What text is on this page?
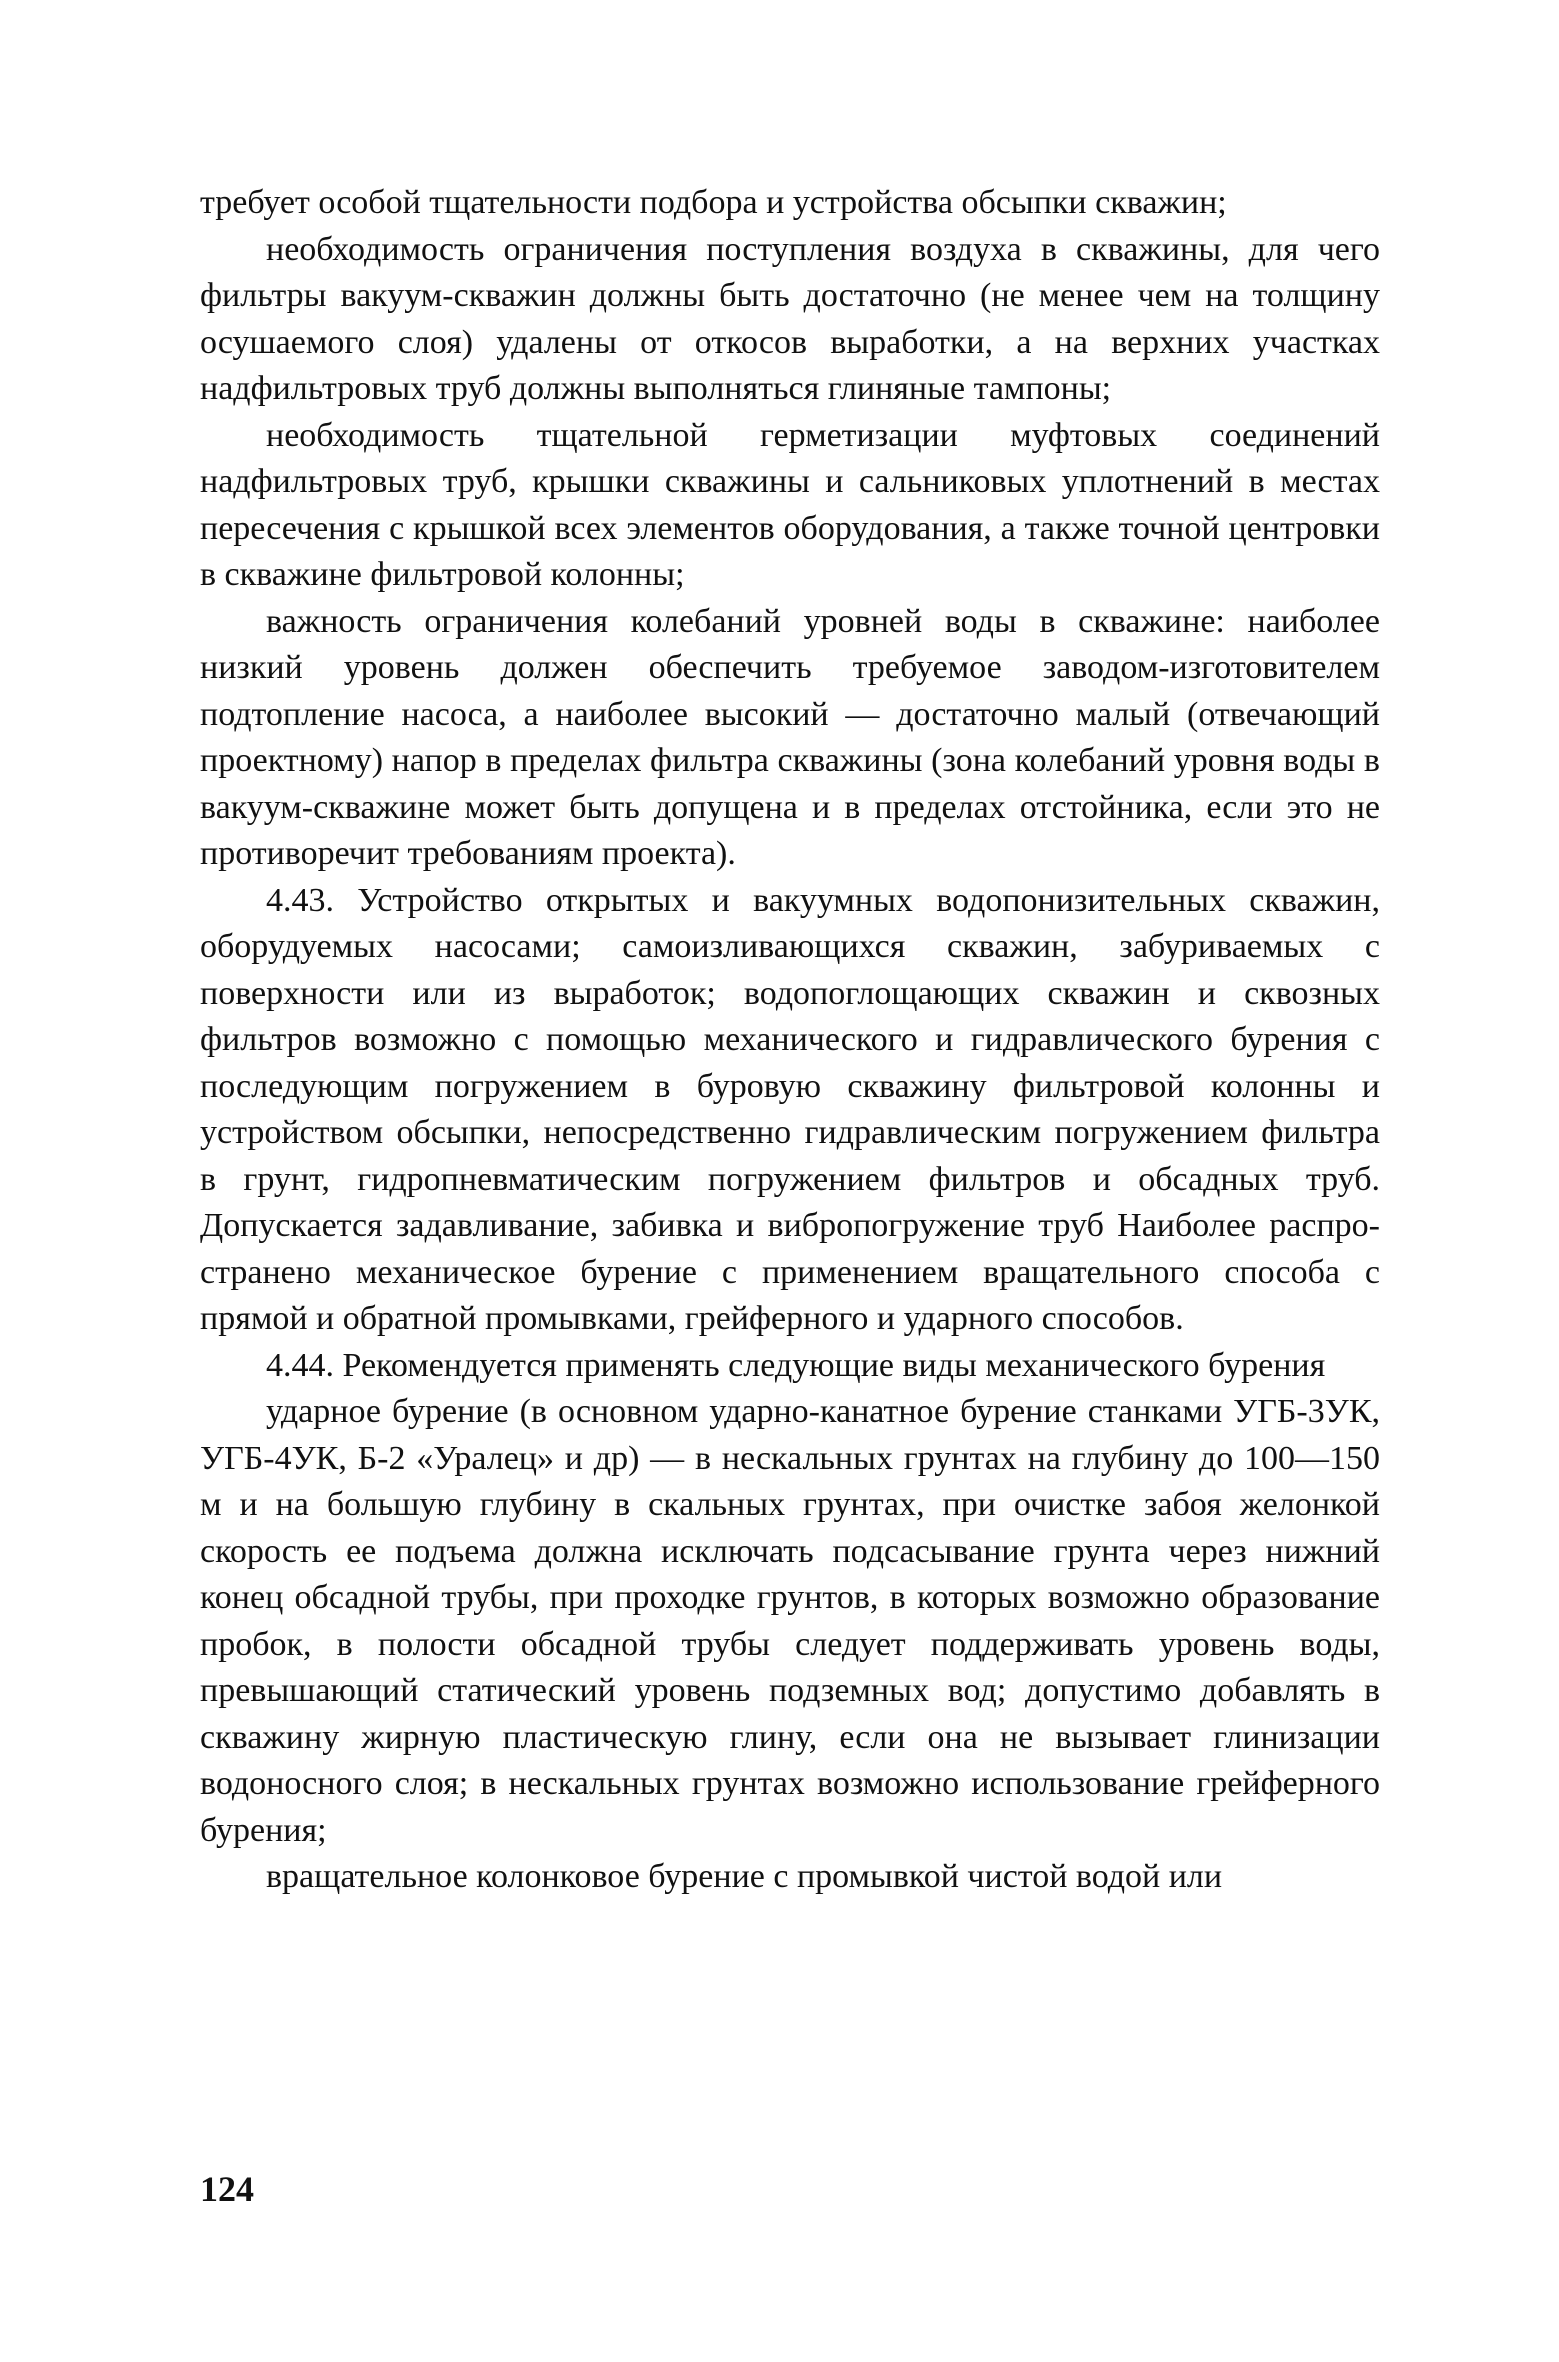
требует особой тщательности подбора и устройства обсыпки скважин;

необходимость ограничения поступления воздуха в скважины, для чего фильтры вакуум-скважин должны быть достаточно (не менее чем на толщину осушаемого слоя) удалены от откосов выработки, а на верхних участках надфильтровых труб должны выполняться глиняные тампоны;

необходимость тщательной герметизации муфтовых соединений надфильтровых труб, крышки скважины и сальниковых уплотнений в местах пересечения с крышкой всех элементов оборудования, а также точной центровки в скважине фильтровой колонны;

важность ограничения колебаний уровней воды в скважине: наиболее низкий уровень должен обеспечить требуемое заводом-изготовителем подтопление насоса, а наиболее высокий — достаточно малый (отвечающий проектному) напор в пределах фильтра скважины (зона колебаний уровня воды в вакуум-скважине может быть допущена и в пределах отстойника, если это не противоречит требованиям проекта).

4.43. Устройство открытых и вакуумных водопонизительных скважин, оборудуемых насосами; самоизливающихся скважин, забуриваемых с поверхности или из выработок; водопоглощающих скважин и сквозных фильтров возможно с помощью механического и гидравлического бурения с последующим погружением в буровую скважину фильтровой колонны и устройством обсыпки, непосредственно гидравлическим погружением фильтра в грунт, гидропневматическим погружением фильтров и обсадных труб. Допускается задавливание, забивка и вибропогружение труб Наиболее распространено механическое бурение с применением вращательного способа с прямой и обратной промывками, грейферного и ударного способов.

4.44. Рекомендуется применять следующие виды механического бурения

ударное бурение (в основном ударно-канатное бурение станками УГБ-3УК, УГБ-4УК, Б-2 «Уралец» и др) — в нескальных грунтах на глубину до 100—150 м и на большую глубину в скальных грунтах, при очистке забоя желонкой скорость ее подъема должна исключать подсасывание грунта через нижний конец обсадной трубы, при проходке грунтов, в которых возможно образование пробок, в полости обсадной трубы следует поддерживать уровень воды, превышающий статический уровень подземных вод; допустимо добавлять в скважину жирную пластическую глину, если она не вызывает глинизации водоносного слоя; в нескальных грунтах возможно использование грейферного бурения;

вращательное колонковое бурение с промывкой чистой водой или

124
